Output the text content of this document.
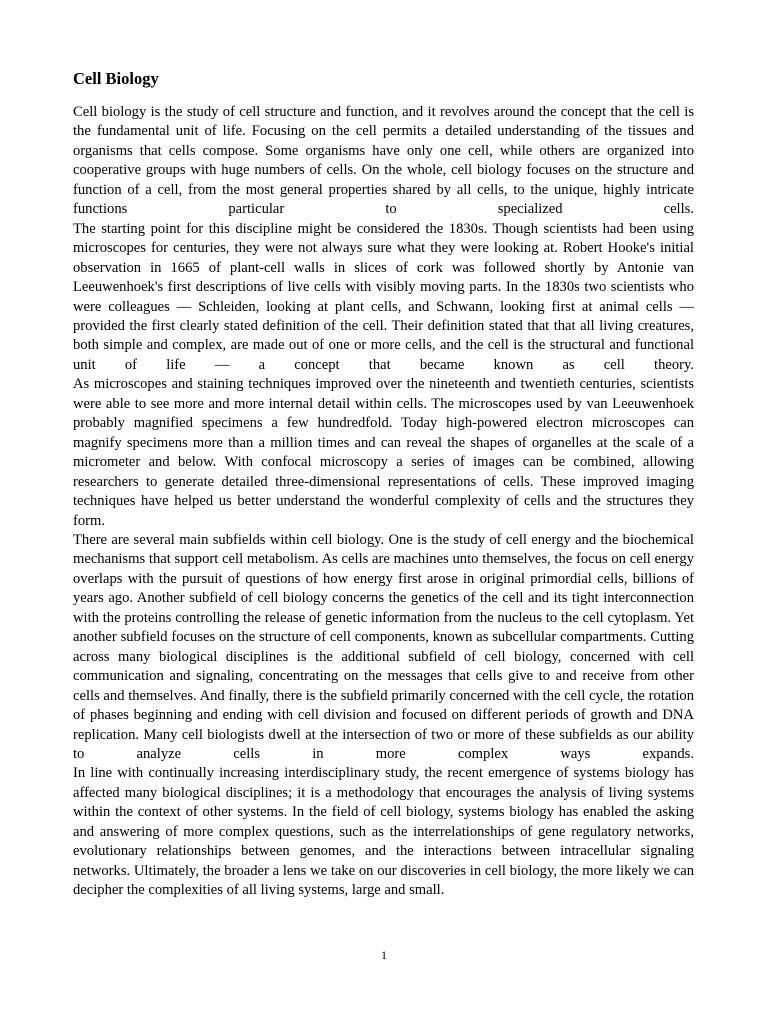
Cell Biology

Cell biology is the study of cell structure and function, and it revolves around the concept that the cell is the fundamental unit of life. Focusing on the cell permits a detailed understanding of the tissues and organisms that cells compose. Some organisms have only one cell, while others are organized into cooperative groups with huge numbers of cells. On the whole, cell biology focuses on the structure and function of a cell, from the most general properties shared by all cells, to the unique, highly intricate functions particular to specialized cells.

The starting point for this discipline might be considered the 1830s. Though scientists had been using microscopes for centuries, they were not always sure what they were looking at. Robert Hooke's initial observation in 1665 of plant-cell walls in slices of cork was followed shortly by Antonie van Leeuwenhoek's first descriptions of live cells with visibly moving parts. In the 1830s two scientists who were colleagues — Schleiden, looking at plant cells, and Schwann, looking first at animal cells — provided the first clearly stated definition of the cell. Their definition stated that that all living creatures, both simple and complex, are made out of one or more cells, and the cell is the structural and functional unit of life — a concept that became known as cell theory.

As microscopes and staining techniques improved over the nineteenth and twentieth centuries, scientists were able to see more and more internal detail within cells. The microscopes used by van Leeuwenhoek probably magnified specimens a few hundredfold. Today high-powered electron microscopes can magnify specimens more than a million times and can reveal the shapes of organelles at the scale of a micrometer and below. With confocal microscopy a series of images can be combined, allowing researchers to generate detailed three-dimensional representations of cells. These improved imaging techniques have helped us better understand the wonderful complexity of cells and the structures they form.

There are several main subfields within cell biology. One is the study of cell energy and the biochemical mechanisms that support cell metabolism. As cells are machines unto themselves, the focus on cell energy overlaps with the pursuit of questions of how energy first arose in original primordial cells, billions of years ago. Another subfield of cell biology concerns the genetics of the cell and its tight interconnection with the proteins controlling the release of genetic information from the nucleus to the cell cytoplasm. Yet another subfield focuses on the structure of cell components, known as subcellular compartments. Cutting across many biological disciplines is the additional subfield of cell biology, concerned with cell communication and signaling, concentrating on the messages that cells give to and receive from other cells and themselves. And finally, there is the subfield primarily concerned with the cell cycle, the rotation of phases beginning and ending with cell division and focused on different periods of growth and DNA replication. Many cell biologists dwell at the intersection of two or more of these subfields as our ability to analyze cells in more complex ways expands.

In line with continually increasing interdisciplinary study, the recent emergence of systems biology has affected many biological disciplines; it is a methodology that encourages the analysis of living systems within the context of other systems. In the field of cell biology, systems biology has enabled the asking and answering of more complex questions, such as the interrelationships of gene regulatory networks, evolutionary relationships between genomes, and the interactions between intracellular signaling networks. Ultimately, the broader a lens we take on our discoveries in cell biology, the more likely we can decipher the complexities of all living systems, large and small.

1
